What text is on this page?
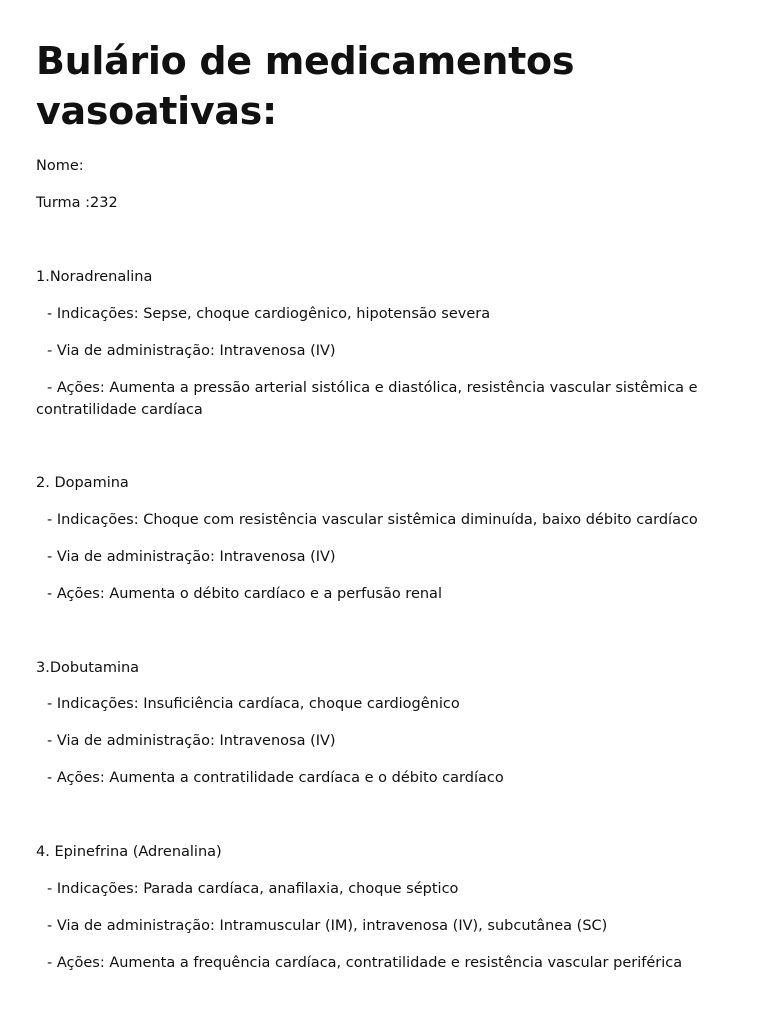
Bulário de medicamentos vasoativas:
Nome:
Turma :232
1.Noradrenalina
- Indicações: Sepse, choque cardiogênico, hipotensão severa
- Via de administração: Intravenosa (IV)
- Ações: Aumenta a pressão arterial sistólica e diastólica, resistência vascular sistêmica e contratilidade cardíaca
2. Dopamina
- Indicações: Choque com resistência vascular sistêmica diminuída, baixo débito cardíaco
- Via de administração: Intravenosa (IV)
- Ações: Aumenta o débito cardíaco e a perfusão renal
3.Dobutamina
- Indicações: Insuficiência cardíaca, choque cardiogênico
- Via de administração: Intravenosa (IV)
- Ações: Aumenta a contratilidade cardíaca e o débito cardíaco
4. Epinefrina (Adrenalina)
- Indicações: Parada cardíaca, anafilaxia, choque séptico
- Via de administração: Intramuscular (IM), intravenosa (IV), subcutânea (SC)
- Ações: Aumenta a frequência cardíaca, contratilidade e resistência vascular periférica
